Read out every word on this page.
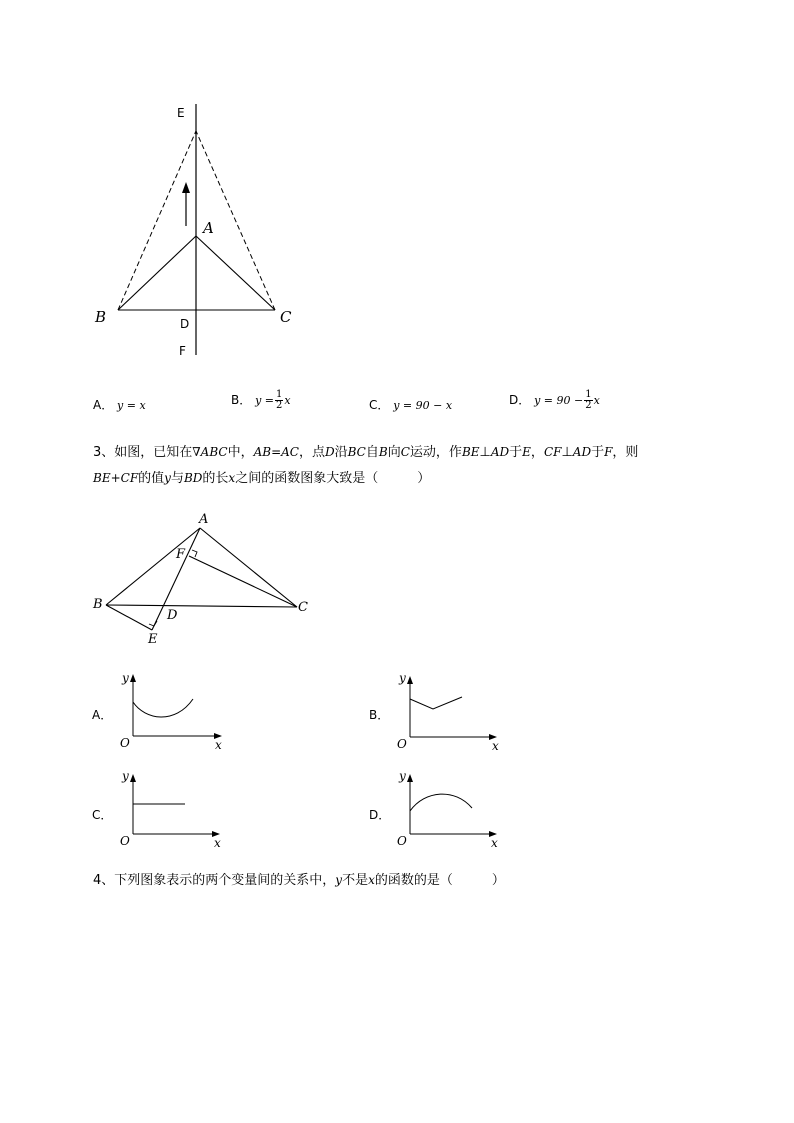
E
A
B	C
D
F
A． y = x	B． $y = \frac{1}{2}$ x	C． y = 90 − x	D． $y = 90 - \frac{1}{2}$ x
3、如图，已知在∇ABC中，AB=AC，点D沿BC自B向C运动，作BE⊥AD于E，CF⊥AD于F，则
BE+CF的值y与BD的长x之间的函数图象大致是（　　　）
A
F
B	C
D
E
A．
y
O	x
B．
y
O	x
C．
y
O	x
D．
y
O	x
4、下列图象表示的两个变量间的关系中，y不是x的函数的是（　　　）
